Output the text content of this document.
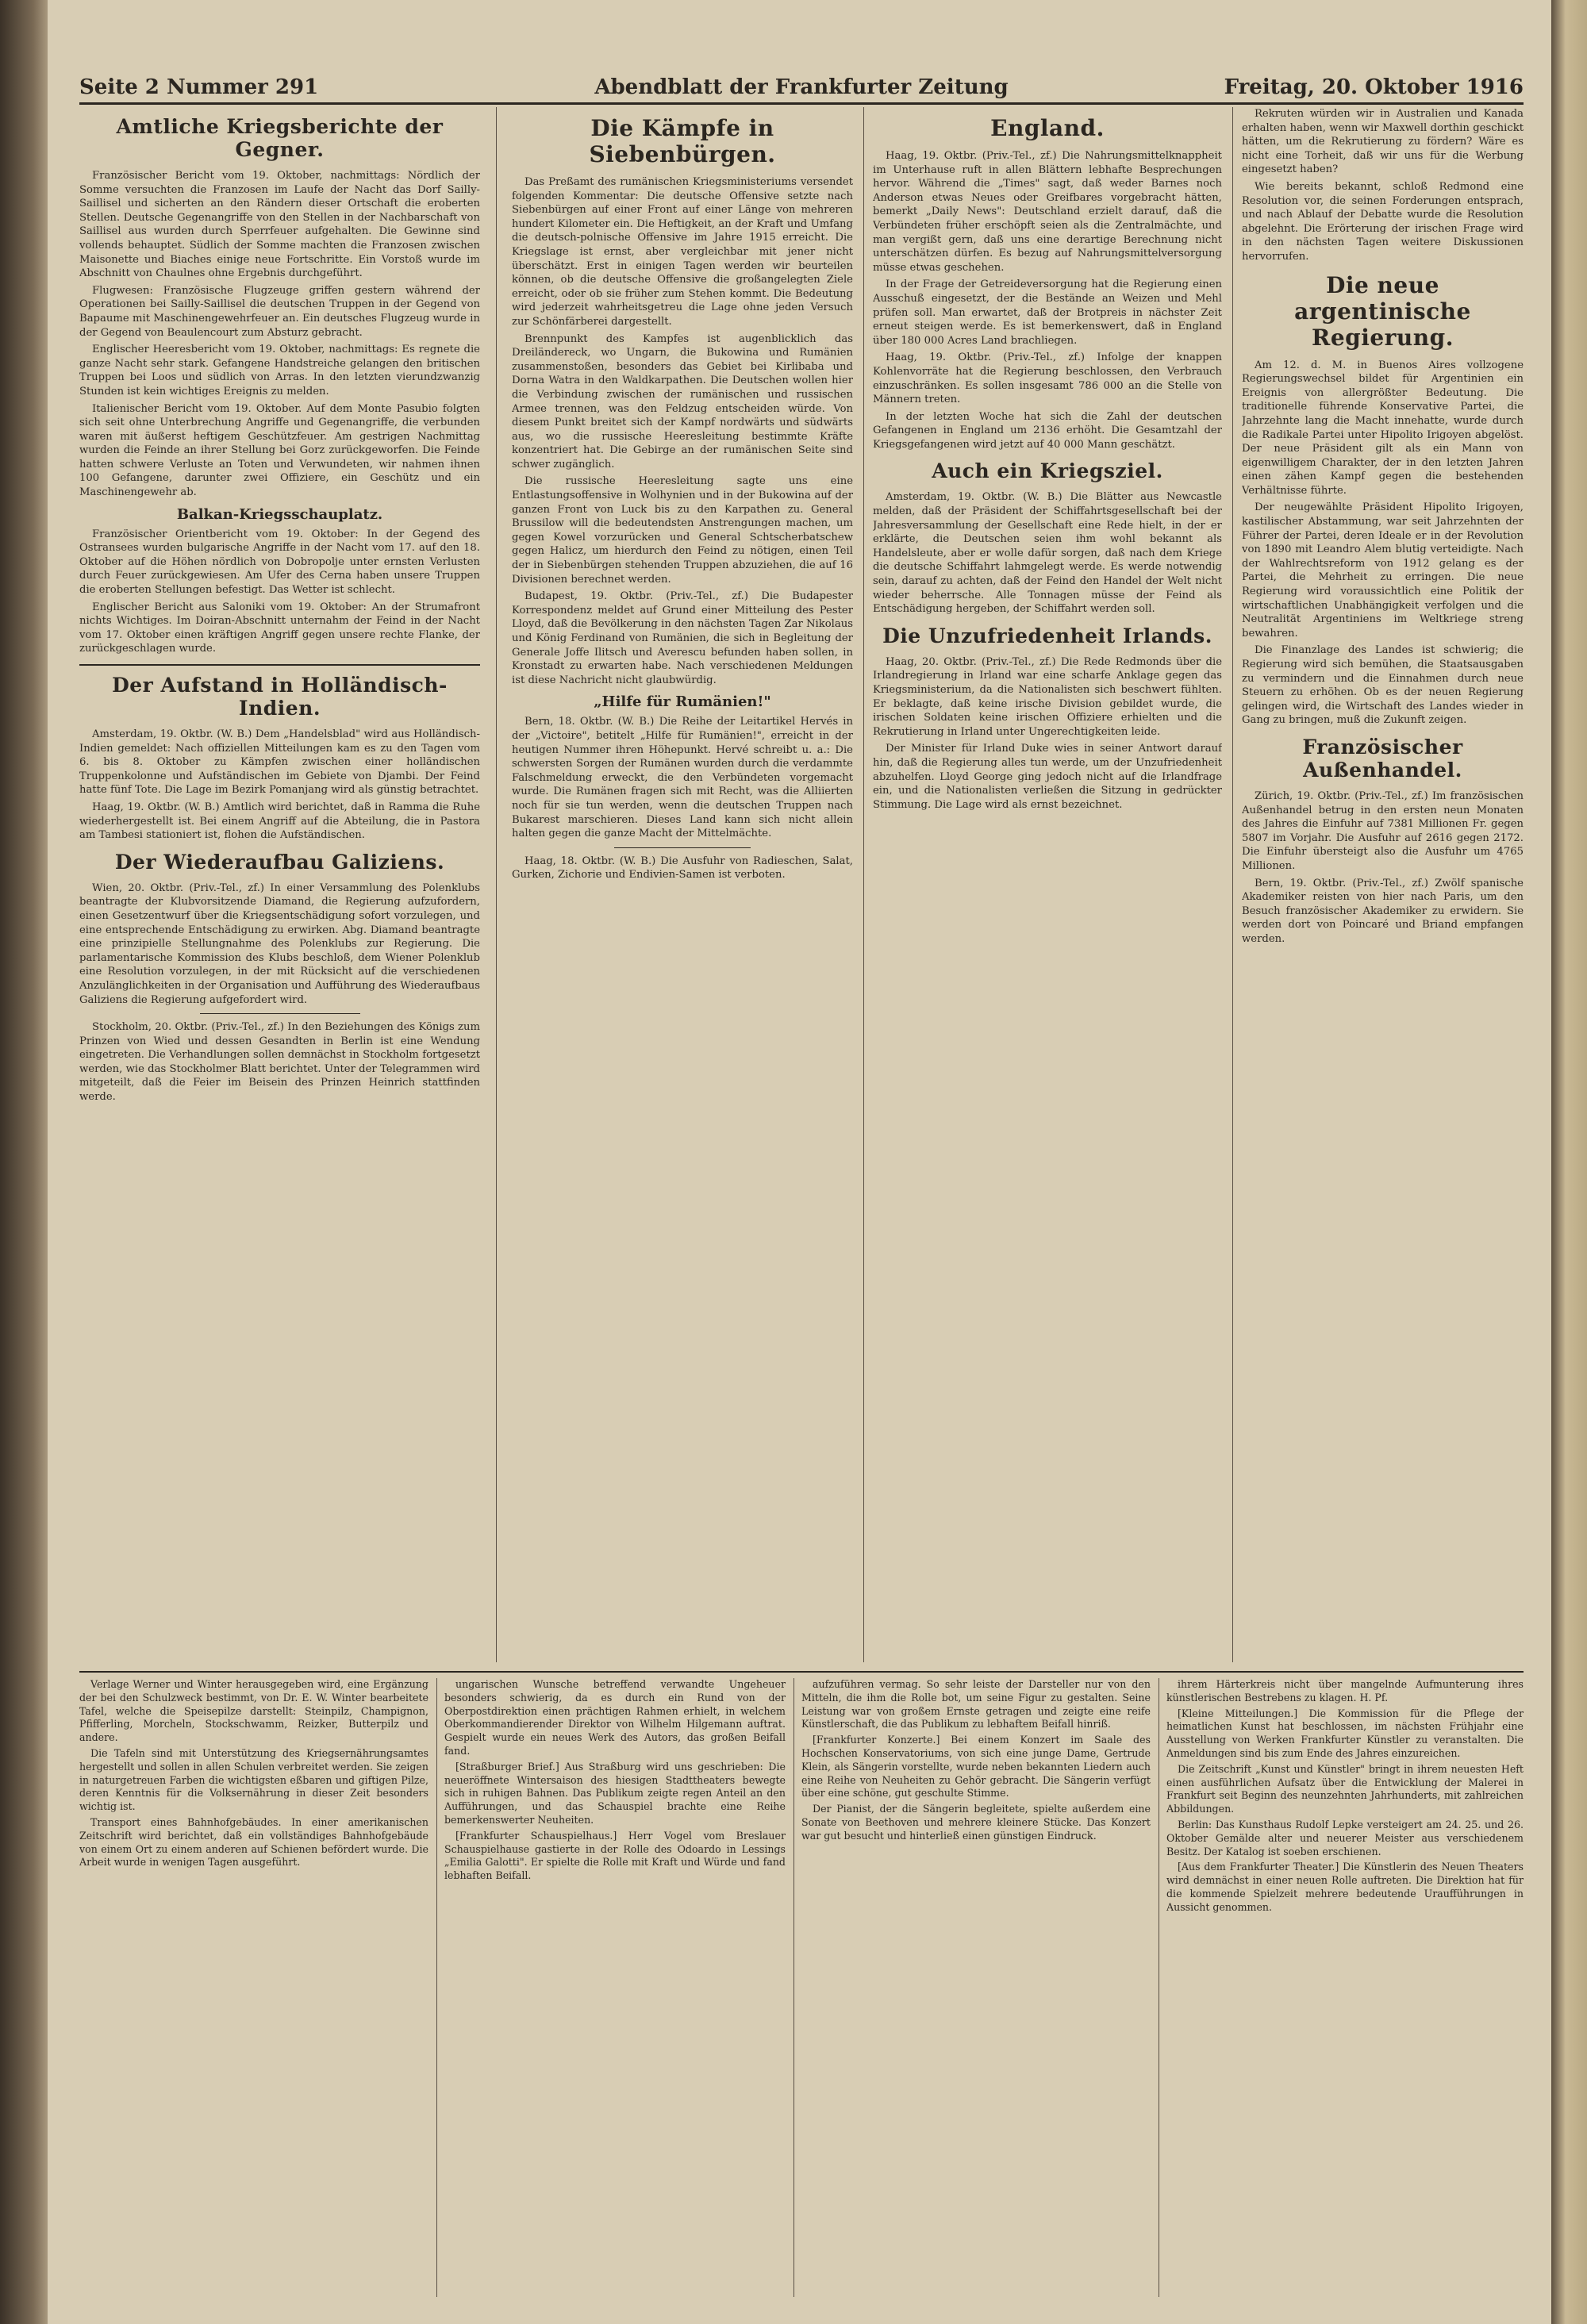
Seite 2 Nummer 291	Abendblatt der Frankfurter Zeitung	Freitag, 20. Oktober 1916
Amtliche Kriegsberichte der Gegner.

Französischer Bericht vom 19. Oktober, nachmittags: Nördlich der Somme versuchten die Franzosen im Laufe der Nacht das Dorf Sailly-Saillisel und sicherten an den Rändern dieser Ortschaft die eroberten Stellen. Deutsche Gegenangriffe von den Stellen in der Nachbarschaft von Saillisel aus wurden durch Sperrfeuer aufgehalten. Die Gewinne sind vollends behauptet. Südlich der Somme machten die Franzosen zwischen Maisonette und Biaches einige neue Fortschritte. Ein Vorstoß wurde im Abschnitt von Chaulnes ohne Ergebnis durchgeführt.

Flugwesen: Französische Flugzeuge griffen gestern während der Operationen bei Sailly-Saillisel die deutschen Truppen in der Gegend von Bapaume mit Maschinengewehrfeuer an. Ein deutsches Flugzeug wurde in der Gegend von Beaulencourt zum Absturz gebracht.

Englischer Heeresbericht vom 19. Oktober, nachmittags: Es regnete die ganze Nacht sehr stark. Gefangene Handstreiche gelangen den britischen Truppen bei Loos und südlich von Arras. In den letzten vierundzwanzig Stunden ist kein wichtiges Ereignis zu melden.

Italienischer Bericht vom 19. Oktober. Auf dem Monte Pasubio folgten sich seit ohne Unterbrechung Angriffe und Gegenangriffe, die verbunden waren mit äußerst heftigem Geschützfeuer. Am gestrigen Nachmittag wurden die Feinde an ihrer Stellung bei Gorz zurückgeworfen. Die Feinde hatten schwere Verluste an Toten und Verwundeten, wir nahmen ihnen 100 Gefangene, darunter zwei Offiziere, ein Geschütz und ein Maschinengewehr ab.

Balkan-Kriegsschauplatz.

Französischer Orientbericht vom 19. Oktober: In der Gegend des Ostransees wurden bulgarische Angriffe in der Nacht vom 17. auf den 18. Oktober auf die Höhen nördlich von Dobropolje unter ernsten Verlusten durch Feuer zurückgewiesen. Am Ufer des Cerna haben unsere Truppen die eroberten Stellungen befestigt. Das Wetter ist schlecht.

Englischer Bericht aus Saloniki vom 19. Oktober: An der Strumafront nichts Wichtiges. Im Doiran-Abschnitt unternahm der Feind in der Nacht vom 17. Oktober einen kräftigen Angriff gegen unsere rechte Flanke, der zurückgeschlagen wurde.

Der Aufstand in Holländisch-Indien.

Amsterdam, 19. Oktbr. (W. B.) Dem „Handelsblad" wird aus Holländisch-Indien gemeldet: Nach offiziellen Mitteilungen kam es zu den Tagen vom 6. bis 8. Oktober zu Kämpfen zwischen einer holländischen Truppenkolonne und Aufständischen im Gebiete von Djambi. Der Feind hatte fünf Tote. Die Lage im Bezirk Pomanjang wird als günstig betrachtet.

Haag, 19. Oktbr. (W. B.) Amtlich wird berichtet, daß in Ramma die Ruhe wiederhergestellt ist. Bei einem Angriff auf die Abteilung, die in Pastora am Tambesi stationiert ist, flohen die Aufständischen.

Der Wiederaufbau Galiziens.

Wien, 20. Oktbr. (Priv.-Tel., zf.) In einer Versammlung des Polenklubs beantragte der Klubvorsitzende Diamand, die Regierung aufzufordern, einen Gesetzentwurf über die Kriegsentschädigung sofort vorzulegen, und eine entsprechende Entschädigung zu erwirken. Abg. Diamand beantragte eine prinzipielle Stellungnahme des Polenklubs zur Regierung. Die parlamentarische Kommission des Klubs beschloß, dem Wiener Polenklub eine Resolution vorzulegen, in der mit Rücksicht auf die verschiedenen Anzulänglichkeiten in der Organisation und Aufführung des Wiederaufbaus Galiziens die Regierung aufgefordert wird.

Stockholm, 20. Oktbr. (Priv.-Tel., zf.) In den Beziehungen des Königs zum Prinzen von Wied und dessen Gesandten in Berlin ist eine Wendung eingetreten. Die Verhandlungen sollen demnächst in Stockholm fortgesetzt werden, wie das Stockholmer Blatt berichtet. Unter der Telegrammen wird mitgeteilt, daß die Feier im Beisein des Prinzen Heinrich stattfinden werde.

Die Kämpfe in Siebenbürgen.

Das Preßamt des rumänischen Kriegsministeriums versendet folgenden Kommentar: Die deutsche Offensive setzte nach Siebenbürgen auf einer Front auf einer Länge von mehreren hundert Kilometer ein. Die Heftigkeit, an der Kraft und Umfang die deutsch-polnische Offensive im Jahre 1915 erreicht. Die Kriegslage ist ernst, aber vergleichbar mit jener nicht überschätzt. Erst in einigen Tagen werden wir beurteilen können, ob die deutsche Offensive die großangelegten Ziele erreicht, oder ob sie früher zum Stehen kommt. Die Bedeutung wird jederzeit wahrheitsgetreu die Lage ohne jeden Versuch zur Schönfärberei dargestellt.

Brennpunkt des Kampfes ist augenblicklich das Dreiländereck, wo Ungarn, die Bukowina und Rumänien zusammenstoßen, besonders das Gebiet bei Kirlibaba und Dorna Watra in den Waldkarpathen. Die Deutschen wollen hier die Verbindung zwischen der rumänischen und russischen Armee trennen, was den Feldzug entscheiden würde. Von diesem Punkt breitet sich der Kampf nordwärts und südwärts aus, wo die russische Heeresleitung bestimmte Kräfte konzentriert hat. Die Gebirge an der rumänischen Seite sind schwer zugänglich.

Die russische Heeresleitung sagte uns eine Entlastungsoffensive in Wolhynien und in der Bukowina auf der ganzen Front von Luck bis zu den Karpathen zu. General Brussilow will die bedeutendsten Anstrengungen machen, um gegen Kowel vorzurücken und General Schtscherbatschew gegen Halicz, um hierdurch den Feind zu nötigen, einen Teil der in Siebenbürgen stehenden Truppen abzuziehen, die auf 16 Divisionen berechnet werden.

Budapest, 19. Oktbr. (Priv.-Tel., zf.) Die Budapester Korrespondenz meldet auf Grund einer Mitteilung des Pester Lloyd, daß die Bevölkerung in den nächsten Tagen Zar Nikolaus und König Ferdinand von Rumänien, die sich in Begleitung der Generale Joffe Ilitsch und Averescu befunden haben sollen, in Kronstadt zu erwarten habe. Nach verschiedenen Meldungen ist diese Nachricht nicht glaubwürdig.

„Hilfe für Rumänien!"

Bern, 18. Oktbr. (W. B.) Die Reihe der Leitartikel Hervés in der „Victoire", betitelt „Hilfe für Rumänien!", erreicht in der heutigen Nummer ihren Höhepunkt. Hervé schreibt u. a.: Die schwersten Sorgen der Rumänen wurden durch die verdammte Falschmeldung erweckt, die den Verbündeten vorgemacht wurde. Die Rumänen fragen sich mit Recht, was die Alliierten noch für sie tun werden, wenn die deutschen Truppen nach Bukarest marschieren. Dieses Land kann sich nicht allein halten gegen die ganze Macht der Mittelmächte.

Haag, 18. Oktbr. (W. B.) Die Ausfuhr von Radieschen, Salat, Gurken, Zichorie und Endivien-Samen ist verboten.

England.

Haag, 19. Oktbr. (Priv.-Tel., zf.) Die Nahrungsmittelknappheit im Unterhause ruft in allen Blättern lebhafte Besprechungen hervor. Während die „Times" sagt, daß weder Barnes noch Anderson etwas Neues oder Greifbares vorgebracht hätten, bemerkt „Daily News": Deutschland erzielt darauf, daß die Verbündeten früher erschöpft seien als die Zentralmächte, und man vergißt gern, daß uns eine derartige Berechnung nicht unterschätzen dürfen. Es bezug auf Nahrungsmittelversorgung müsse etwas geschehen.

In der Frage der Getreideversorgung hat die Regierung einen Ausschuß eingesetzt, der die Bestände an Weizen und Mehl prüfen soll. Man erwartet, daß der Brotpreis in nächster Zeit erneut steigen werde. Es ist bemerkenswert, daß in England über 180 000 Acres Land brachliegen.

Haag, 19. Oktbr. (Priv.-Tel., zf.) Infolge der knappen Kohlenvorräte hat die Regierung beschlossen, den Verbrauch einzuschränken. Es sollen insgesamt 786 000 an die Stelle von Männern treten.

In der letzten Woche hat sich die Zahl der deutschen Gefangenen in England um 2136 erhöht. Die Gesamtzahl der Kriegsgefangenen wird jetzt auf 40 000 Mann geschätzt.

Auch ein Kriegsziel.

Amsterdam, 19. Oktbr. (W. B.) Die Blätter aus Newcastle melden, daß der Präsident der Schiffahrtsgesellschaft bei der Jahresversammlung der Gesellschaft eine Rede hielt, in der er erklärte, die Deutschen seien ihm wohl bekannt als Handelsleute, aber er wolle dafür sorgen, daß nach dem Kriege die deutsche Schiffahrt lahmgelegt werde. Es werde notwendig sein, darauf zu achten, daß der Feind den Handel der Welt nicht wieder beherrsche. Alle Tonnagen müsse der Feind als Entschädigung hergeben, der Schiffahrt werden soll.

Die Unzufriedenheit Irlands.

Haag, 20. Oktbr. (Priv.-Tel., zf.) Die Rede Redmonds über die Irlandregierung in Irland war eine scharfe Anklage gegen das Kriegsministerium, da die Nationalisten sich beschwert fühlten. Er beklagte, daß keine irische Division gebildet wurde, die irischen Soldaten keine irischen Offiziere erhielten und die Rekrutierung in Irland unter Ungerechtigkeiten leide.

Der Minister für Irland Duke wies in seiner Antwort darauf hin, daß die Regierung alles tun werde, um der Unzufriedenheit abzuhelfen. Lloyd George ging jedoch nicht auf die Irlandfrage ein, und die Nationalisten verließen die Sitzung in gedrückter Stimmung. Die Lage wird als ernst bezeichnet.

Rekruten würden wir in Australien und Kanada erhalten haben, wenn wir Maxwell dorthin geschickt hätten, um die Rekrutierung zu fördern? Wäre es nicht eine Torheit, daß wir uns für die Werbung eingesetzt haben?

Wie bereits bekannt, schloß Redmond eine Resolution vor, die seinen Forderungen entsprach, und nach Ablauf der Debatte wurde die Resolution abgelehnt. Die Erörterung der irischen Frage wird in den nächsten Tagen weitere Diskussionen hervorrufen.

Die neue argentinische Regierung.

Am 12. d. M. in Buenos Aires vollzogene Regierungswechsel bildet für Argentinien ein Ereignis von allergrößter Bedeutung. Die traditionelle führende Konservative Partei, die Jahrzehnte lang die Macht innehatte, wurde durch die Radikale Partei unter Hipolito Irigoyen abgelöst. Der neue Präsident gilt als ein Mann von eigenwilligem Charakter, der in den letzten Jahren einen zähen Kampf gegen die bestehenden Verhältnisse führte.

Der neugewählte Präsident Hipolito Irigoyen, kastilischer Abstammung, war seit Jahrzehnten der Führer der Partei, deren Ideale er in der Revolution von 1890 mit Leandro Alem blutig verteidigte. Nach der Wahlrechtsreform von 1912 gelang es der Partei, die Mehrheit zu erringen. Die neue Regierung wird voraussichtlich eine Politik der wirtschaftlichen Unabhängigkeit verfolgen und die Neutralität Argentiniens im Weltkriege streng bewahren.

Die Finanzlage des Landes ist schwierig; die Regierung wird sich bemühen, die Staatsausgaben zu vermindern und die Einnahmen durch neue Steuern zu erhöhen. Ob es der neuen Regierung gelingen wird, die Wirtschaft des Landes wieder in Gang zu bringen, muß die Zukunft zeigen.

Französischer Außenhandel.

Zürich, 19. Oktbr. (Priv.-Tel., zf.) Im französischen Außenhandel betrug in den ersten neun Monaten des Jahres die Einfuhr auf 7381 Millionen Fr. gegen 5807 im Vorjahr. Die Ausfuhr auf 2616 gegen 2172. Die Einfuhr übersteigt also die Ausfuhr um 4765 Millionen.

Bern, 19. Oktbr. (Priv.-Tel., zf.) Zwölf spanische Akademiker reisten von hier nach Paris, um den Besuch französischer Akademiker zu erwidern. Sie werden dort von Poincaré und Briand empfangen werden.

Verlage Werner und Winter herausgegeben wird, eine Ergänzung der bei den Schulzweck bestimmt, von Dr. E. W. Winter bearbeitete Tafel, welche die Speisepilze darstellt: Steinpilz, Champignon, Pfifferling, Morcheln, Stockschwamm, Reizker, Butterpilz und andere.

Die Tafeln sind mit Unterstützung des Kriegsernährungsamtes hergestellt und sollen in allen Schulen verbreitet werden. Sie zeigen in naturgetreuen Farben die wichtigsten eßbaren und giftigen Pilze, deren Kenntnis für die Volksernährung in dieser Zeit besonders wichtig ist.

Transport eines Bahnhofgebäudes. In einer amerikanischen Zeitschrift wird berichtet, daß ein vollständiges Bahnhofgebäude von einem Ort zu einem anderen auf Schienen befördert wurde. Die Arbeit wurde in wenigen Tagen ausgeführt.

ungarischen Wunsche betreffend verwandte Ungeheuer besonders schwierig, da es durch ein Rund von der Oberpostdirektion einen prächtigen Rahmen erhielt, in welchem Oberkommandierender Direktor von Wilhelm Hilgemann auftrat. Gespielt wurde ein neues Werk des Autors, das großen Beifall fand.

[Straßburger Brief.] Aus Straßburg wird uns geschrieben: Die neueröffnete Wintersaison des hiesigen Stadttheaters bewegte sich in ruhigen Bahnen. Das Publikum zeigte regen Anteil an den Aufführungen, und das Schauspiel brachte eine Reihe bemerkenswerter Neuheiten.

[Frankfurter Schauspielhaus.] Herr Vogel vom Breslauer Schauspielhause gastierte in der Rolle des Odoardo in Lessings „Emilia Galotti". Er spielte die Rolle mit Kraft und Würde und fand lebhaften Beifall.

aufzuführen vermag. So sehr leiste der Darsteller nur von den Mitteln, die ihm die Rolle bot, um seine Figur zu gestalten. Seine Leistung war von großem Ernste getragen und zeigte eine reife Künstlerschaft, die das Publikum zu lebhaftem Beifall hinriß.

[Frankfurter Konzerte.] Bei einem Konzert im Saale des Hochschen Konservatoriums, von sich eine junge Dame, Gertrude Klein, als Sängerin vorstellte, wurde neben bekannten Liedern auch eine Reihe von Neuheiten zu Gehör gebracht. Die Sängerin verfügt über eine schöne, gut geschulte Stimme.

Der Pianist, der die Sängerin begleitete, spielte außerdem eine Sonate von Beethoven und mehrere kleinere Stücke. Das Konzert war gut besucht und hinterließ einen günstigen Eindruck.

ihrem Härterkreis nicht über mangelnde Aufmunterung ihres künstlerischen Bestrebens zu klagen. H. Pf.

[Kleine Mitteilungen.] Die Kommission für die Pflege der heimatlichen Kunst hat beschlossen, im nächsten Frühjahr eine Ausstellung von Werken Frankfurter Künstler zu veranstalten. Die Anmeldungen sind bis zum Ende des Jahres einzureichen.

Die Zeitschrift „Kunst und Künstler" bringt in ihrem neuesten Heft einen ausführlichen Aufsatz über die Entwicklung der Malerei in Frankfurt seit Beginn des neunzehnten Jahrhunderts, mit zahlreichen Abbildungen.

Berlin: Das Kunsthaus Rudolf Lepke versteigert am 24. 25. und 26. Oktober Gemälde alter und neuerer Meister aus verschiedenem Besitz. Der Katalog ist soeben erschienen.

[Aus dem Frankfurter Theater.] Die Künstlerin des Neuen Theaters wird demnächst in einer neuen Rolle auftreten. Die Direktion hat für die kommende Spielzeit mehrere bedeutende Uraufführungen in Aussicht genommen.
